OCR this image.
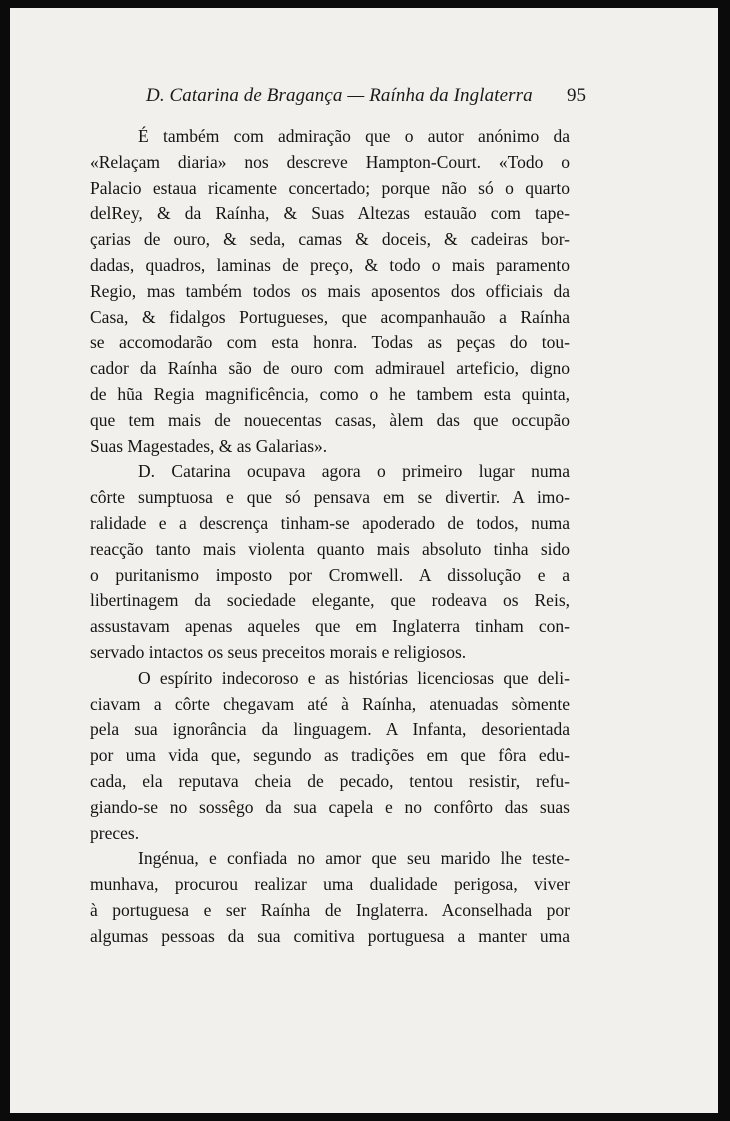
D. Catarina de Bragança — Raínha da Inglaterra 95
É também com admiração que o autor anónimo da
«Relaçam diaria» nos descreve Hampton-Court. «Todo o
Palacio estaua ricamente concertado; porque não só o quarto
delRey, & da Raínha, & Suas Altezas estauão com tape-
çarias de ouro, & seda, camas & doceis, & cadeiras bor-
dadas, quadros, laminas de preço, & todo o mais paramento
Regio, mas também todos os mais aposentos dos officiais da
Casa, & fidalgos Portugueses, que acompanhauão a Raínha
se accomodarão com esta honra. Todas as peças do tou-
cador da Raínha são de ouro com admirauel arteficio, digno
de hũa Regia magnificência, como o he tambem esta quinta,
que tem mais de nouecentas casas, àlem das que occupão
Suas Magestades, & as Galarias».
D. Catarina ocupava agora o primeiro lugar numa
côrte sumptuosa e que só pensava em se divertir. A imo-
ralidade e a descrença tinham-se apoderado de todos, numa
reacção tanto mais violenta quanto mais absoluto tinha sido
o puritanismo imposto por Cromwell. A dissolução e a
libertinagem da sociedade elegante, que rodeava os Reis,
assustavam apenas aqueles que em Inglaterra tinham con-
servado intactos os seus preceitos morais e religiosos.
O espírito indecoroso e as histórias licenciosas que deli-
ciavam a côrte chegavam até à Raínha, atenuadas sòmente
pela sua ignorância da linguagem. A Infanta, desorientada
por uma vida que, segundo as tradições em que fôra edu-
cada, ela reputava cheia de pecado, tentou resistir, refu-
giando-se no sossêgo da sua capela e no confôrto das suas
preces.
Ingénua, e confiada no amor que seu marido lhe teste-
munhava, procurou realizar uma dualidade perigosa, viver
à portuguesa e ser Raínha de Inglaterra. Aconselhada por
algumas pessoas da sua comitiva portuguesa a manter uma
